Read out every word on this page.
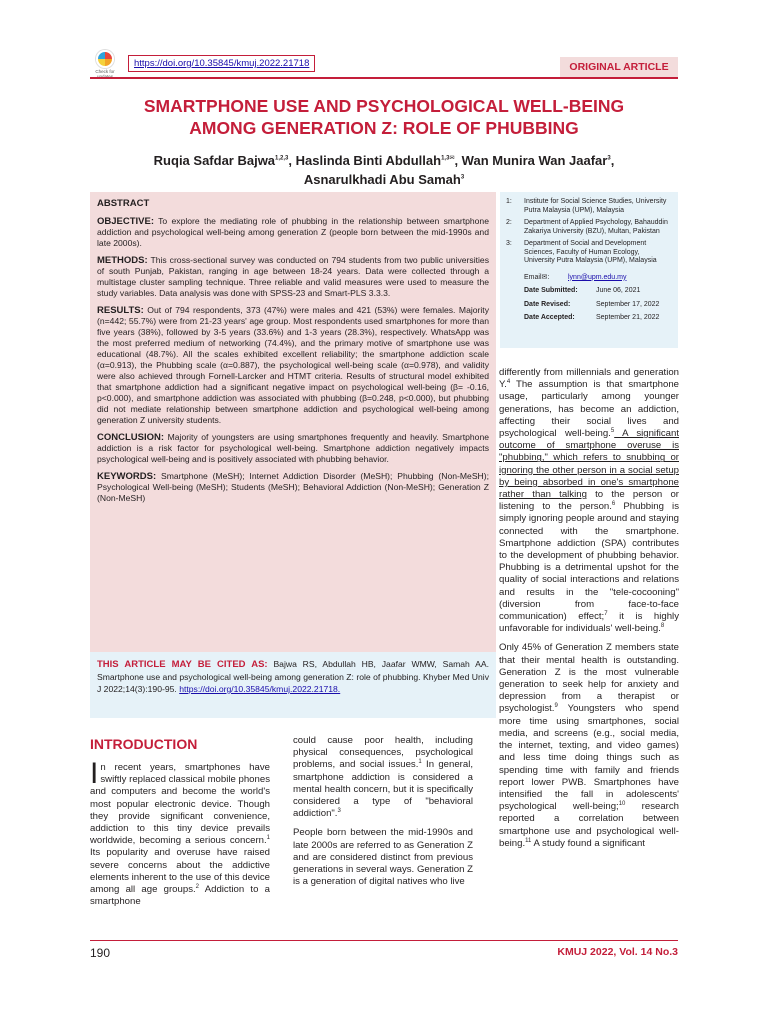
Check for
https://doi.org/10.35845/kmuj.2022.21718	ORIGINAL ARTICLE
SMARTPHONE USE AND PSYCHOLOGICAL WELL-BEING
AMONG GENERATION Z: ROLE OF PHUBBING
Ruqia Safdar Bajwa$^{1,2,3}$, Haslinda Binti Abdullah$^{1,3✉}$, Wan Munira Wan Jaafar$^3$,
Asnarulkhadi Abu Samah$^3$

ABSTRACT

OBJECTIVE: To explore the mediating role of phubbing in the relationship between smartphone addiction and psychological well-being among generation Z (people born between the mid-1990s and late 2000s).

METHODS: This cross-sectional survey was conducted on 794 students from two public universities of south Punjab, Pakistan, ranging in age between 18-24 years. Data were collected through a multistage cluster sampling technique. Three reliable and valid measures were used to measure the study variables. Data analysis was done with SPSS-23 and Smart-PLS 3.3.3.

RESULTS: Out of 794 respondents, 373 (47%) were males and 421 (53%) were females. Majority (n=442; 55.7%) were from 21-23 years' age group. Most respondents used smartphones for more than five years (38%), followed by 3-5 years (33.6%) and 1-3 years (28.3%), respectively. WhatsApp was the most preferred medium of networking (74.4%), and the primary motive of smartphone use was educational (48.7%). All the scales exhibited excellent reliability; the smartphone addiction scale (α=0.913), the Phubbing scale (α=0.887), the psychological well-being scale (α=0.978), and validity were also achieved through Fornell-Larcker and HTMT criteria. Results of structural model exhibited that smartphone addiction had a significant negative impact on psychological well-being (β= -0.16, p<0.000), and smartphone addiction was associated with phubbing (β=0.248, p<0.000), but phubbing did not mediate relationship between smartphone addiction and psychological well-being among generation Z university students.

CONCLUSION: Majority of youngsters are using smartphones frequently and heavily. Smartphone addiction is a risk factor for psychological well-being. Smartphone addiction negatively impacts psychological well-being and is positively associated with phubbing behavior.

KEYWORDS: Smartphone (MeSH); Internet Addiction Disorder (MeSH); Phubbing (Non-MeSH); Psychological Well-being (MeSH); Students (MeSH); Behavioral Addiction (Non-MeSH); Generation Z (Non-MeSH)

THIS ARTICLE MAY BE CITED AS: Bajwa RS, Abdullah HB, Jaafar WMW, Samah AA. Smartphone use and psychological well-being among generation Z: role of phubbing. Khyber Med Univ J 2022;14(3):190-95. https://doi.org/10.35845/kmuj.2022.21718.
1:	Institute for Social Science Studies, University Putra Malaysia (UPM), Malaysia
2:	Department of Applied Psychology, Bahauddin Zakariya University (BZU), Multan, Pakistan
3:	Department of Social and Development Sciences, Faculty of Human Ecology, University Putra Malaysia (UPM), Malaysia
Email✉:	lynn@upm.edu.my
Date Submitted:	June 06, 2021
Date Revised:	September 17, 2022
Date Accepted:	September 21, 2022
INTRODUCTION

In recent years, smartphones have swiftly replaced classical mobile phones and computers and become the world's most popular electronic device. Though they provide significant convenience, addiction to this tiny device prevails worldwide, becoming a serious concern.$^1$ Its popularity and overuse have raised severe concerns about the addictive elements inherent to the use of this device among all age groups.$^2$ Addiction to a smartphone

could cause poor health, including physical consequences, psychological problems, and social issues.$^1$ In general, smartphone addiction is considered a mental health concern, but it is specifically considered a type of "behavioral addiction".$^3$

People born between the mid-1990s and late 2000s are referred to as Generation Z and are considered distinct from previous generations in several ways. Generation Z is a generation of digital natives who live

differently from millennials and generation Y.$^4$ The assumption is that smartphone usage, particularly among younger generations, has become an addiction, affecting their social lives and psychological well-being.$^5$ A significant outcome of smartphone overuse is "phubbing," which refers to snubbing or ignoring the other person in a social setup by being absorbed in one's smartphone rather than talking to the person or listening to the person.$^6$ Phubbing is simply ignoring people around and staying connected with the smartphone. Smartphone addiction (SPA) contributes to the development of phubbing behavior. Phubbing is a detrimental upshot for the quality of social interactions and relations and results in the "tele-cocooning" (diversion from face-to-face communication) effect;$^7$ it is highly unfavorable for individuals' well-being.$^8$

Only 45% of Generation Z members state that their mental health is outstanding. Generation Z is the most vulnerable generation to seek help for anxiety and depression from a therapist or psychologist.$^9$ Youngsters who spend more time using smartphones, social media, and screens (e.g., social media, the internet, texting, and video games) and less time doing things such as spending time with family and friends report lower PWB. Smartphones have intensified the fall in adolescents' psychological well-being;$^{10}$ research reported a correlation between smartphone use and psychological well-being.$^{11}$ A study found a significant

190	KMUJ 2022, Vol. 14 No.3
